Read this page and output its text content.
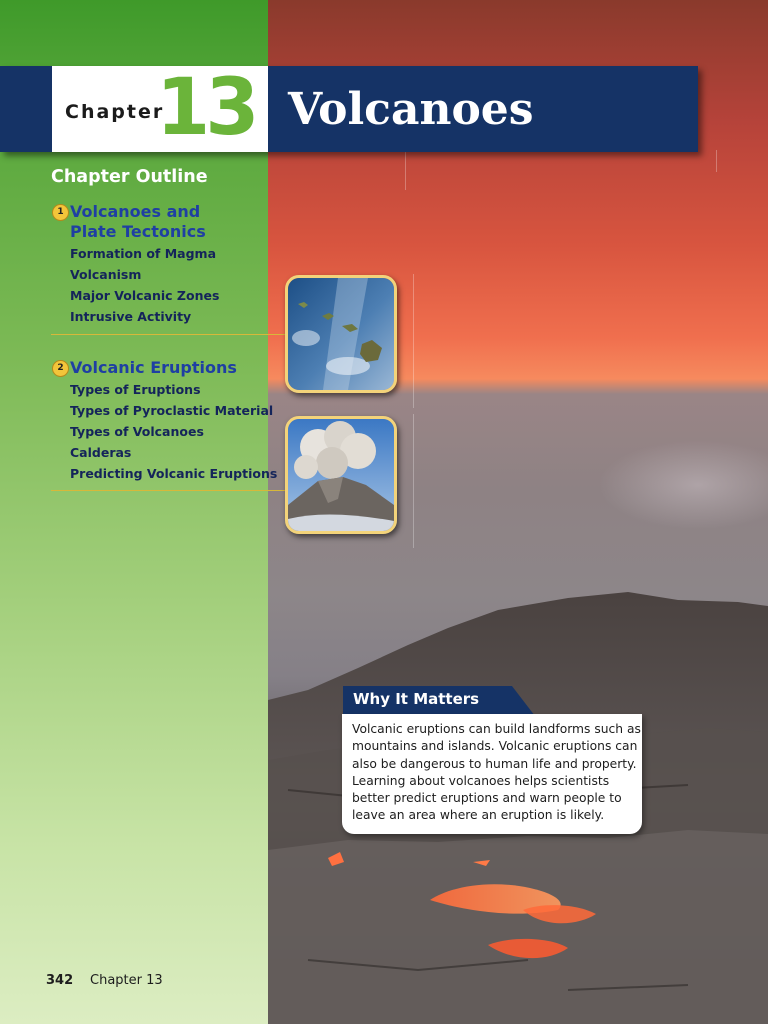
Chapter
13 Volcanoes
Chapter Outline
1 Volcanoes and
Plate Tectonics
Formation of Magma
Volcanism
Major Volcanic Zones
Intrusive Activity
2 Volcanic Eruptions
Types of Eruptions
Types of Pyroclastic Material
Types of Volcanoes
Calderas
Predicting Volcanic Eruptions
Why It Matters

Volcanic eruptions can build landforms such as mountains and islands. Volcanic eruptions can also be dangerous to human life and property. Learning about volcanoes helps scientists better predict eruptions and warn people to leave an area where an eruption is likely.

342 Chapter 13
